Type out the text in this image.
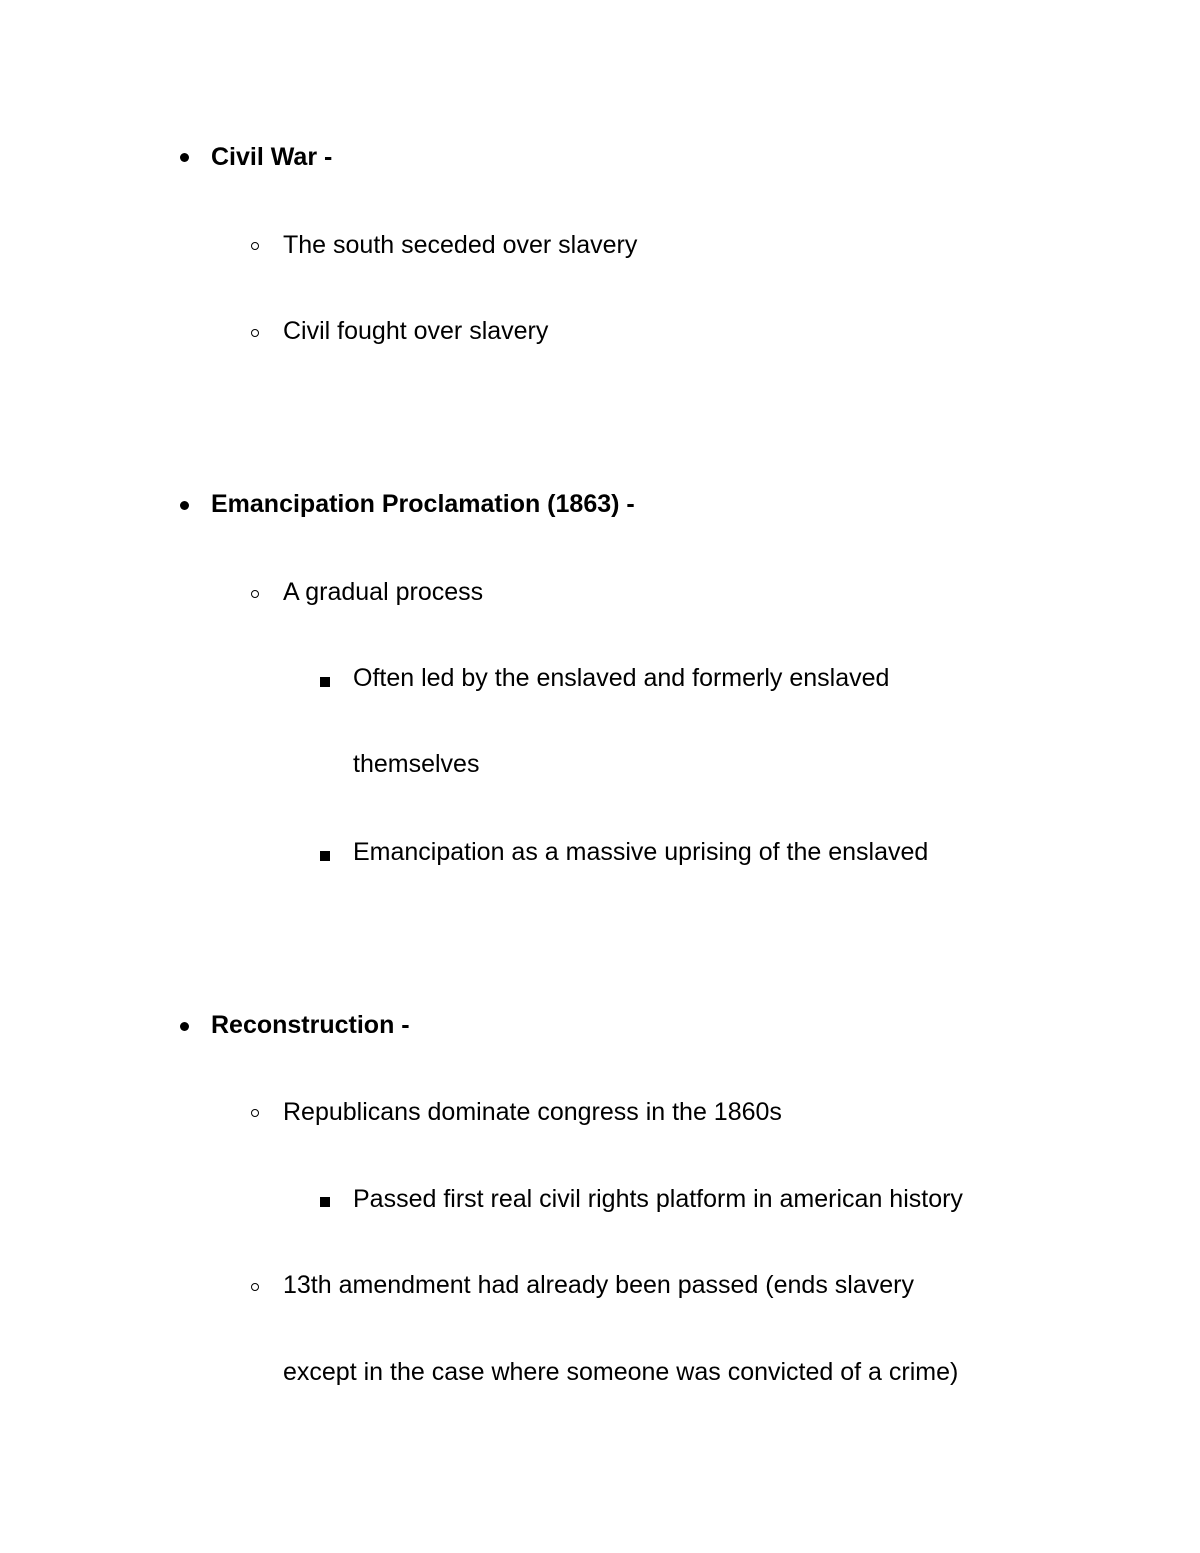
Civil War -
The south seceded over slavery
Civil fought over slavery
Emancipation Proclamation (1863) -
A gradual process
Often led by the enslaved and formerly enslaved
themselves
Emancipation as a massive uprising of the enslaved
Reconstruction -
Republicans dominate congress in the 1860s
Passed first real civil rights platform in american history
13th amendment had already been passed (ends slavery
except in the case where someone was convicted of a crime)
